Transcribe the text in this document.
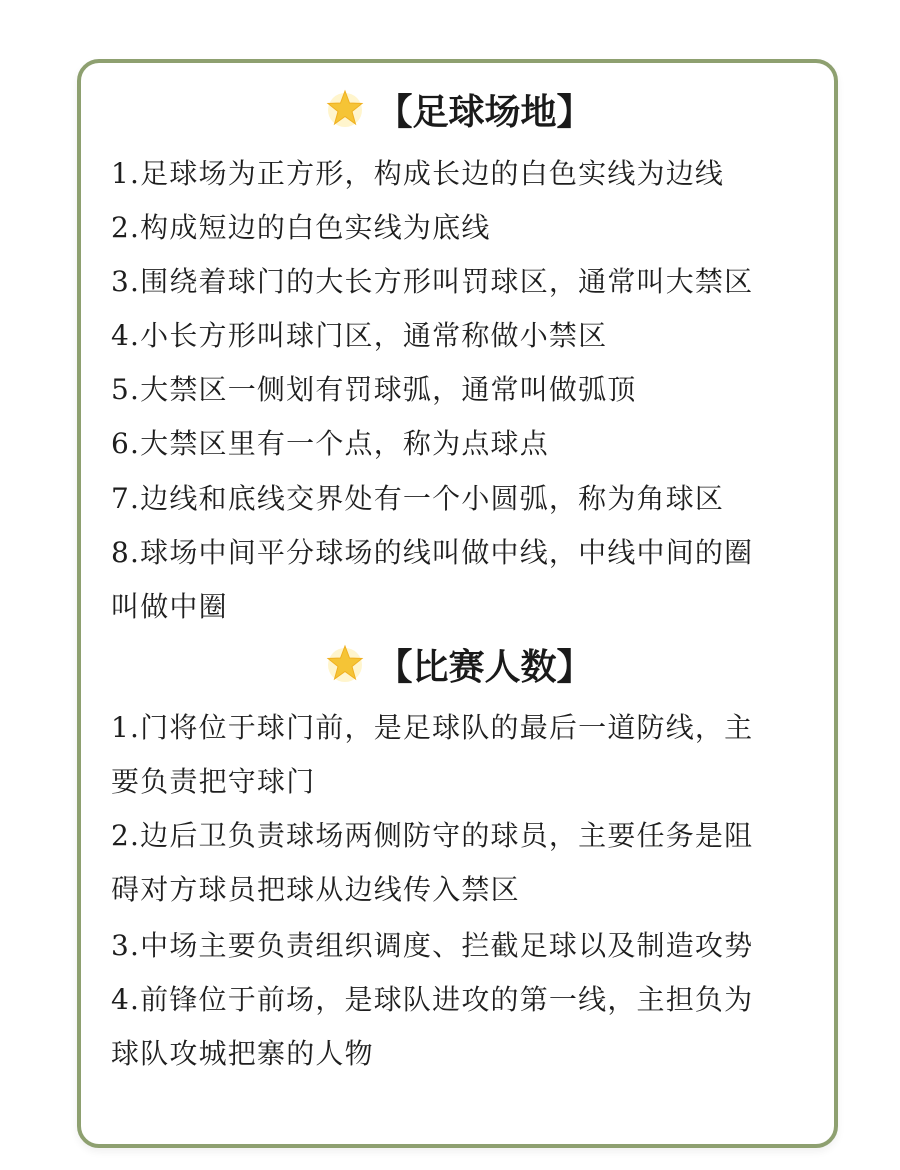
【足球场地】
1.足球场为正方形，构成长边的白色实线为边线
2.构成短边的白色实线为底线
3.围绕着球门的大长方形叫罚球区，通常叫大禁区
4.小长方形叫球门区，通常称做小禁区
5.大禁区一侧划有罚球弧，通常叫做弧顶
6.大禁区里有一个点，称为点球点
7.边线和底线交界处有一个小圆弧，称为角球区
8.球场中间平分球场的线叫做中线，中线中间的圈
叫做中圈
【比赛人数】
1.门将位于球门前，是足球队的最后一道防线，主
要负责把守球门
2.边后卫负责球场两侧防守的球员，主要任务是阻
碍对方球员把球从边线传入禁区
3.中场主要负责组织调度、拦截足球以及制造攻势
4.前锋位于前场，是球队进攻的第一线，主担负为
球队攻城把寨的人物
